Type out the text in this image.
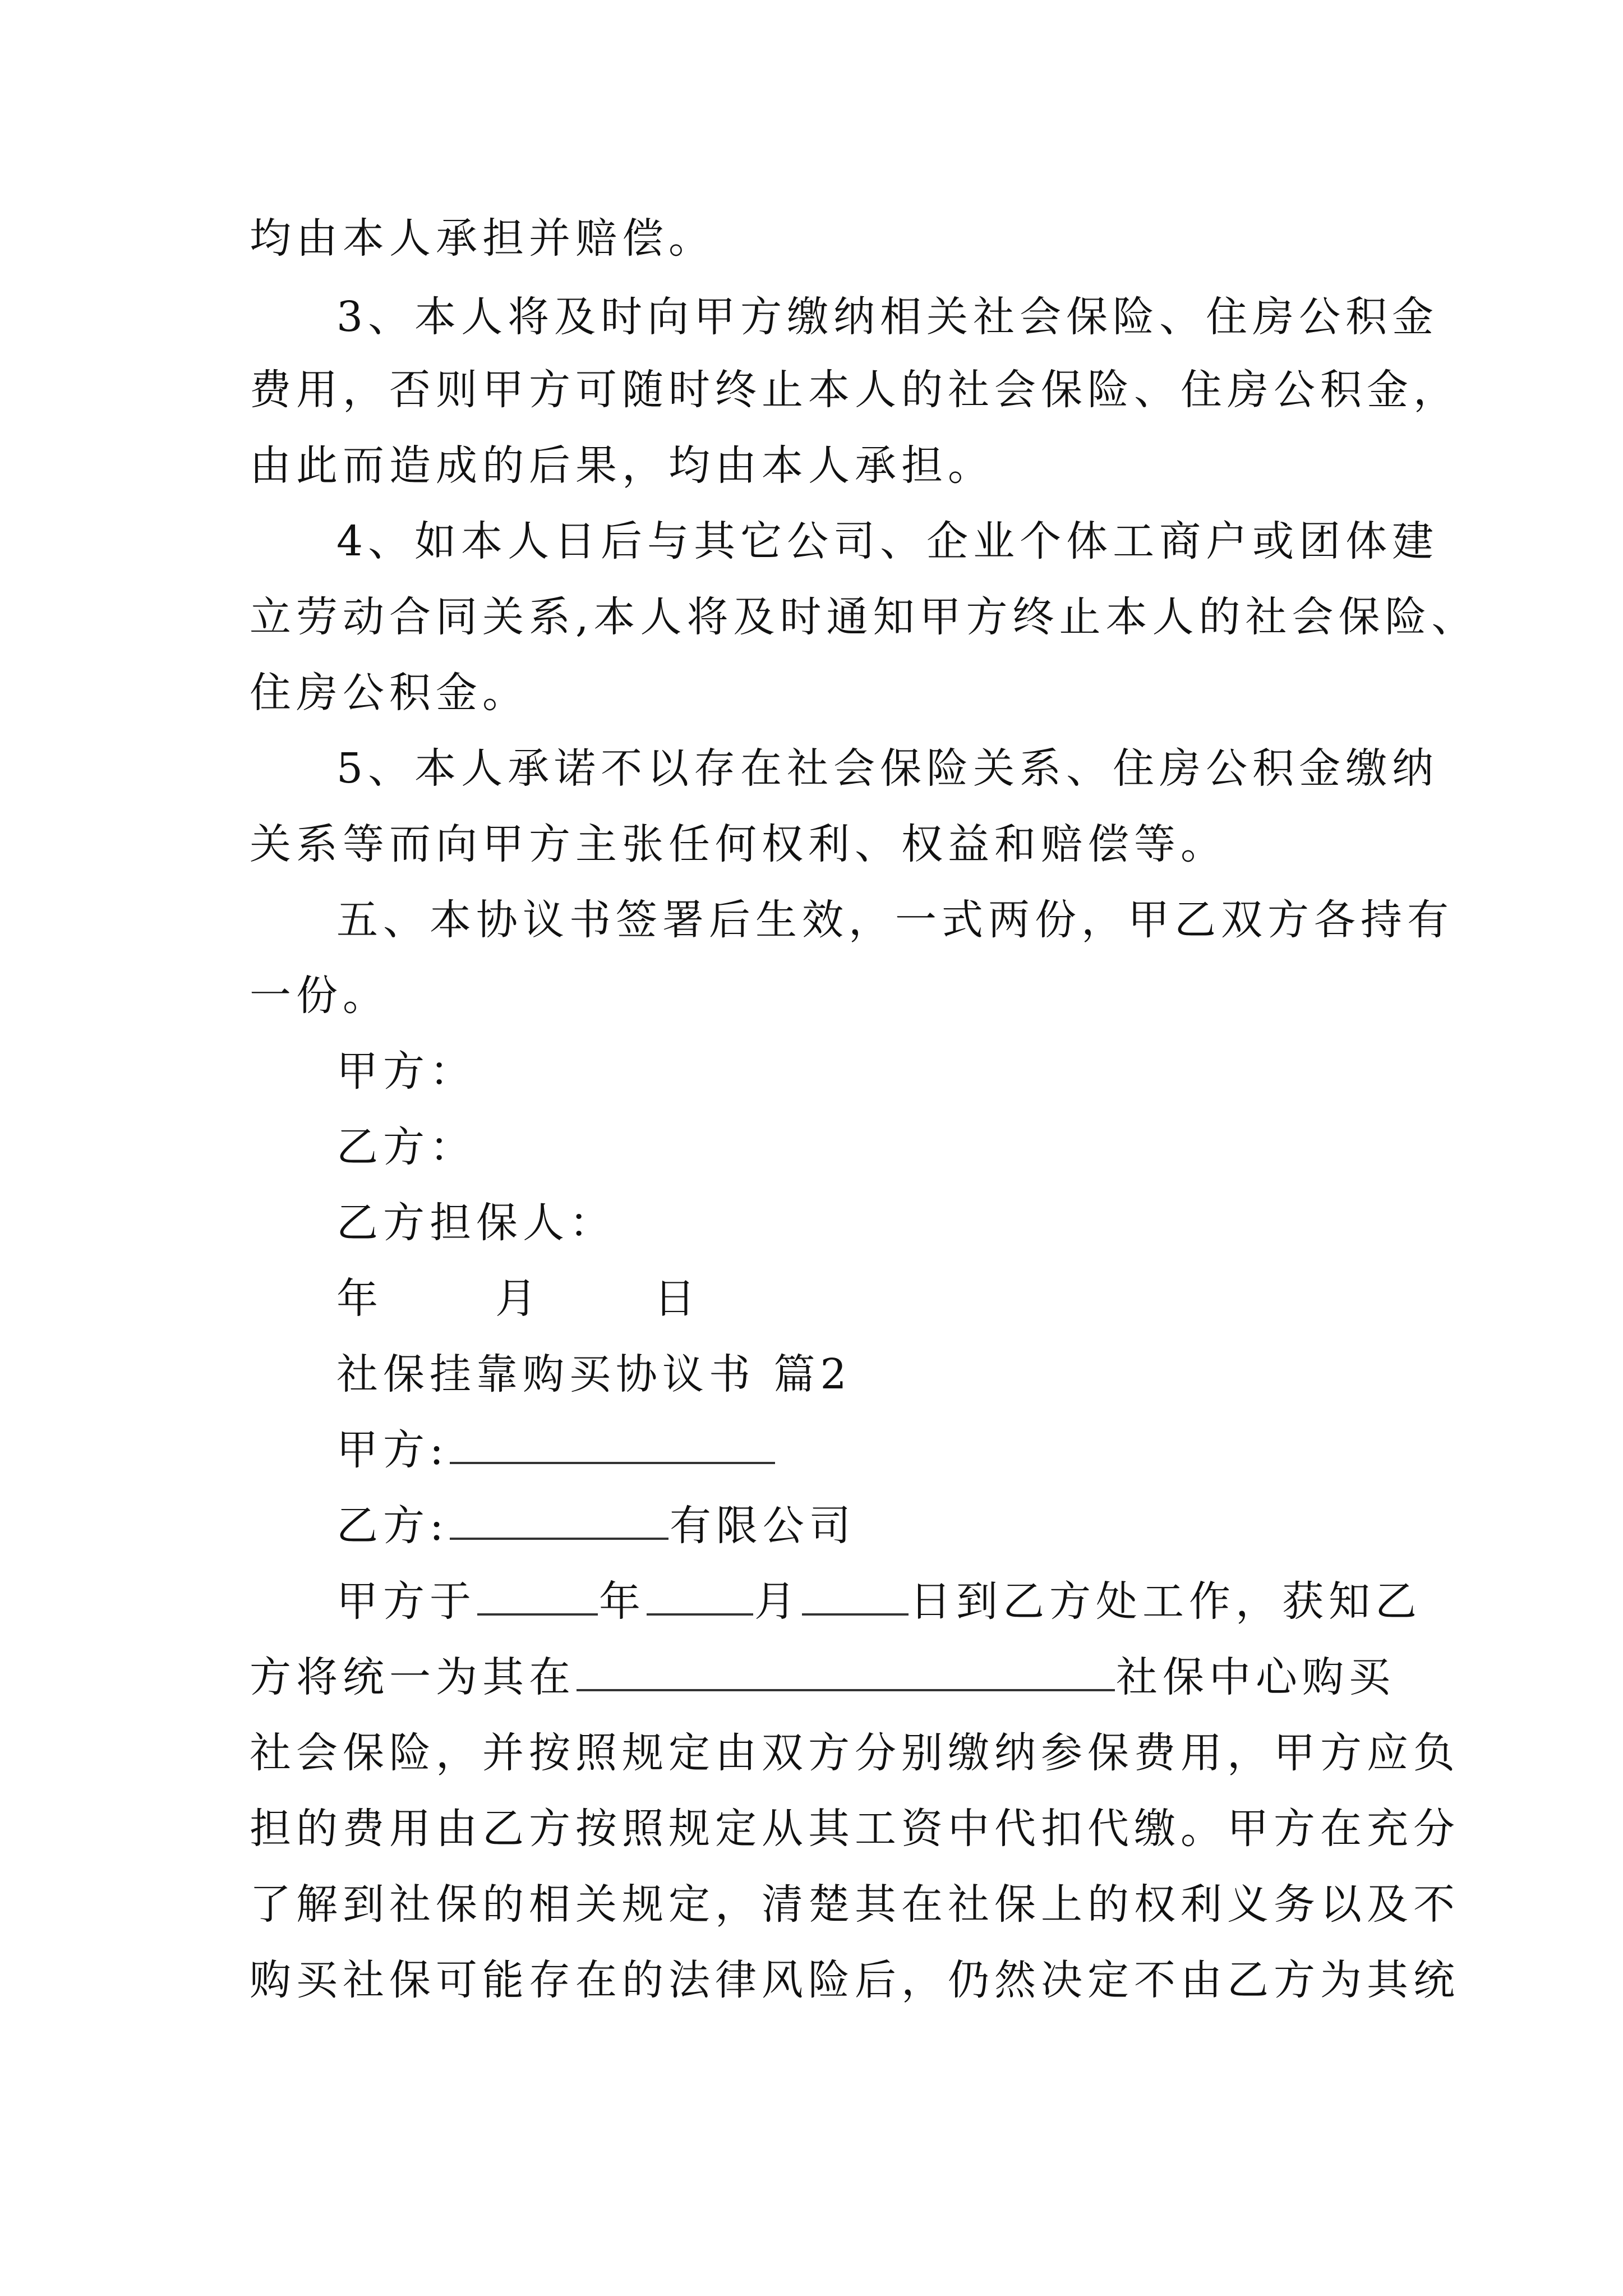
均由本人承担并赔偿。
3、本人将及时向甲方缴纳相关社会保险、住房公积金
费用，否则甲方可随时终止本人的社会保险、住房公积金，
由此而造成的后果，均由本人承担。
4、如本人日后与其它公司、企业个体工商户或团体建
立劳动合同关系,本人将及时通知甲方终止本人的社会保险、
住房公积金。
5、本人承诺不以存在社会保险关系、住房公积金缴纳
关系等而向甲方主张任何权利、权益和赔偿等。
五、本协议书签署后生效，一式两份，甲乙双方各持有
一份。
甲方：
乙方：
乙方担保人：
年	月	日
社保挂靠购买协议书 篇2
甲方:
乙方:	有限公司
甲方于	年	月	日到乙方处工作，获知乙
方将统一为其在	社保中心购买
社会保险，并按照规定由双方分别缴纳参保费用，甲方应负
担的费用由乙方按照规定从其工资中代扣代缴。甲方在充分
了解到社保的相关规定，清楚其在社保上的权利义务以及不
购买社保可能存在的法律风险后，仍然决定不由乙方为其统
